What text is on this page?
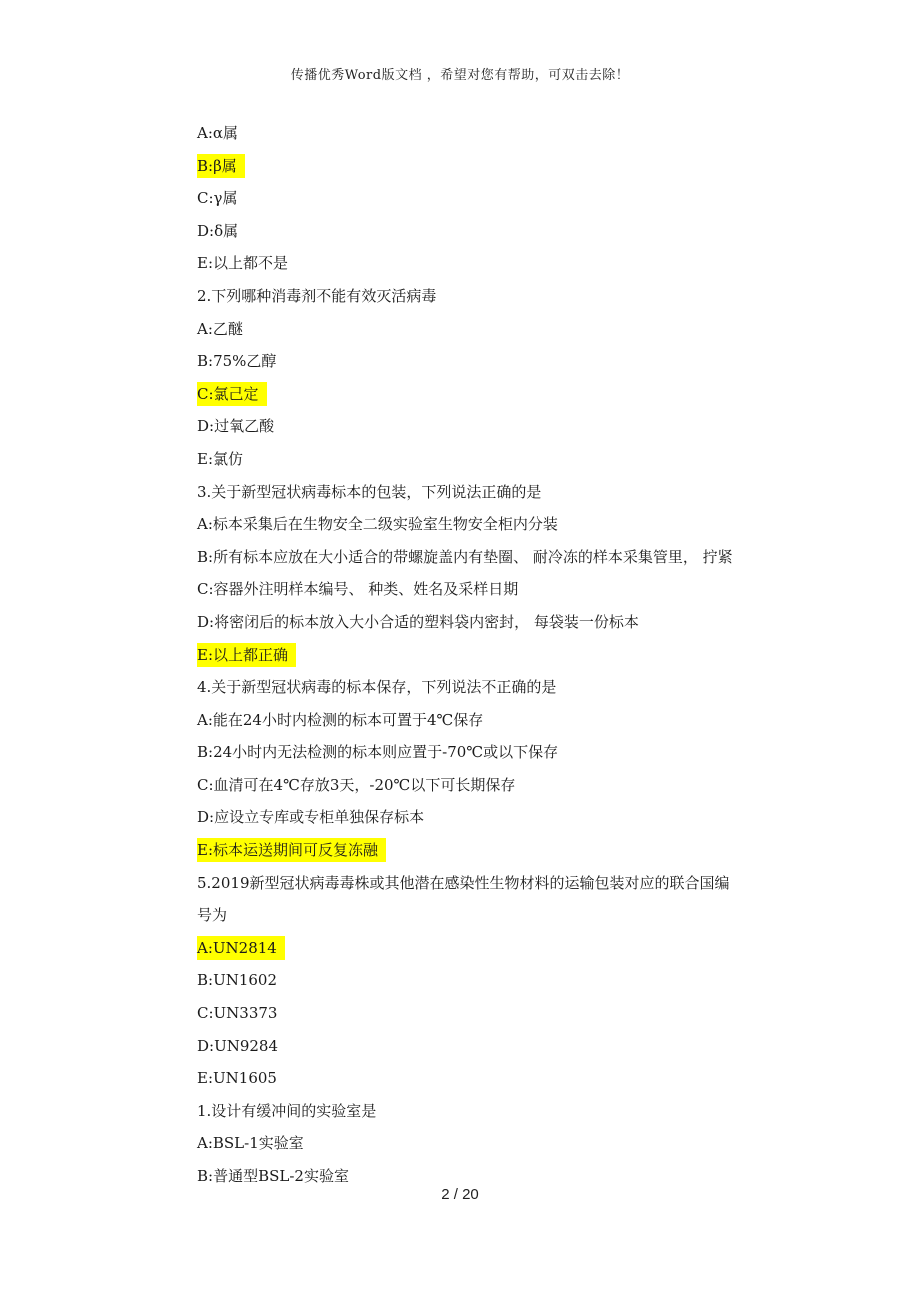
传播优秀Word版文档 ，希望对您有帮助，可双击去除！
A:α属
B:β属
C:γ属
D:δ属
E:以上都不是
2.下列哪种消毒剂不能有效灭活病毒
A:乙醚
B:75%乙醇
C:氯己定
D:过氧乙酸
E:氯仿
3.关于新型冠状病毒标本的包装，下列说法正确的是
A:标本采集后在生物安全二级实验室生物安全柜内分装
B:所有标本应放在大小适合的带螺旋盖内有垫圈、 耐冷冻的样本采集管里， 拧紧
C:容器外注明样本编号、 种类、姓名及采样日期
D:将密闭后的标本放入大小合适的塑料袋内密封， 每袋装一份标本
E:以上都正确
4.关于新型冠状病毒的标本保存，下列说法不正确的是
A:能在24小时内检测的标本可置于4℃保存
B:24小时内无法检测的标本则应置于-70℃或以下保存
C:血清可在4℃存放3天，-20℃以下可长期保存
D:应设立专库或专柜单独保存标本
E:标本运送期间可反复冻融
5.2019新型冠状病毒毒株或其他潜在感染性生物材料的运输包装对应的联合国编
号为
A:UN2814
B:UN1602
C:UN3373
D:UN9284
E:UN1605
1.设计有缓冲间的实验室是
A:BSL-1实验室
B:普通型BSL-2实验室
2 / 20
